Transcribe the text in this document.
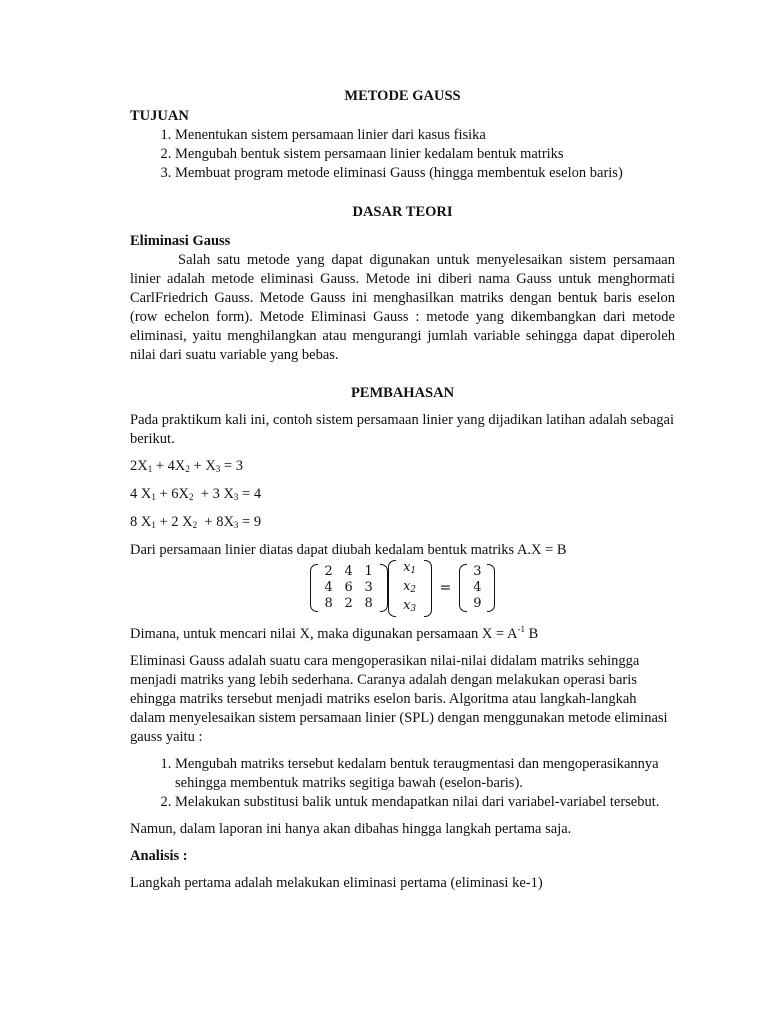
METODE GAUSS
TUJUAN
1. Menentukan sistem persamaan linier dari kasus fisika
2. Mengubah bentuk sistem persamaan linier kedalam bentuk matriks
3. Membuat program metode eliminasi Gauss (hingga membentuk eselon baris)
DASAR TEORI
Eliminasi Gauss

Salah satu metode yang dapat digunakan untuk menyelesaikan sistem persamaan linier adalah metode eliminasi Gauss. Metode ini diberi nama Gauss untuk menghormati CarlFriedrich Gauss. Metode Gauss ini menghasilkan matriks dengan bentuk baris eselon (row echelon form). Metode Eliminasi Gauss : metode yang dikembangkan dari metode eliminasi, yaitu menghilangkan atau mengurangi jumlah variable sehingga dapat diperoleh nilai dari suatu variable yang bebas.

PEMBAHASAN

Pada praktikum kali ini, contoh sistem persamaan linier yang dijadikan latihan adalah sebagai berikut.

$2X_1 + 4X_2 + X_3 = 3$

4 $X_1 + 6X_2 + 3$ $X_3 = 4$

8 $X_1 + 2$ $X_2 + 8X_3 = 9$

Dari persamaan linier diatas dapat diubah kedalam bentuk matriks A.X = B

2 4 1
4 6 3
8 2 8
$x_1$
$x_2$
$x_3$
=
3
4
9

Dimana, untuk mencari nilai X, maka digunakan persamaan $X = A^{-1}$ B

Eliminasi Gauss adalah suatu cara mengoperasikan nilai-nilai didalam matriks sehingga menjadi matriks yang lebih sederhana. Caranya adalah dengan melakukan operasi baris ehingga matriks tersebut menjadi matriks eselon baris. Algoritma atau langkah-langkah dalam menyelesaikan sistem persamaan linier (SPL) dengan menggunakan metode eliminasi gauss yaitu :

1. Mengubah matriks tersebut kedalam bentuk teraugmentasi dan mengoperasikannya sehingga membentuk matriks segitiga bawah (eselon-baris).
2. Melakukan substitusi balik untuk mendapatkan nilai dari variabel-variabel tersebut.

Namun, dalam laporan ini hanya akan dibahas hingga langkah pertama saja.

Analisis :

Langkah pertama adalah melakukan eliminasi pertama (eliminasi ke-1)
